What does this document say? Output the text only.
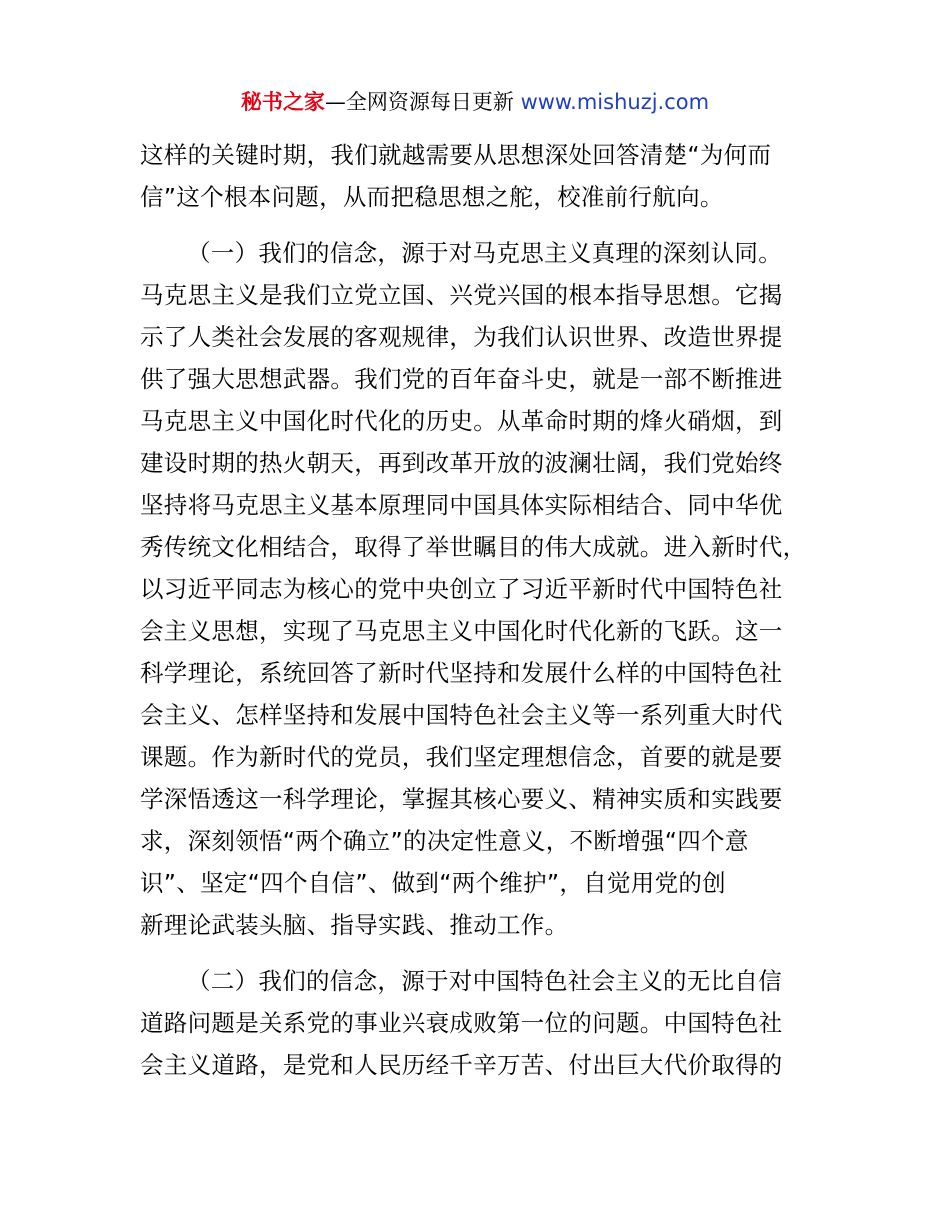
秘书之家—全网资源每日更新 www.mishuzj.com
这样的关键时期，我们就越需要从思想深处回答清楚“为何而
信”这个根本问题，从而把稳思想之舵，校准前行航向。
（一）我们的信念，源于对马克思主义真理的深刻认同。
马克思主义是我们立党立国、兴党兴国的根本指导思想。它揭
示了人类社会发展的客观规律，为我们认识世界、改造世界提
供了强大思想武器。我们党的百年奋斗史，就是一部不断推进
马克思主义中国化时代化的历史。从革命时期的烽火硝烟，到
建设时期的热火朝天，再到改革开放的波澜壮阔，我们党始终
坚持将马克思主义基本原理同中国具体实际相结合、同中华优
秀传统文化相结合，取得了举世瞩目的伟大成就。进入新时代，
以习近平同志为核心的党中央创立了习近平新时代中国特色社
会主义思想，实现了马克思主义中国化时代化新的飞跃。这一
科学理论，系统回答了新时代坚持和发展什么样的中国特色社
会主义、怎样坚持和发展中国特色社会主义等一系列重大时代
课题。作为新时代的党员，我们坚定理想信念，首要的就是要
学深悟透这一科学理论，掌握其核心要义、精神实质和实践要
求，深刻领悟“两个确立”的决定性意义，不断增强“四个意
识”、坚定“四个自信”、做到“两个维护”，自觉用党的创
新理论武装头脑、指导实践、推动工作。
（二）我们的信念，源于对中国特色社会主义的无比自信
道路问题是关系党的事业兴衰成败第一位的问题。中国特色社
会主义道路，是党和人民历经千辛万苦、付出巨大代价取得的
